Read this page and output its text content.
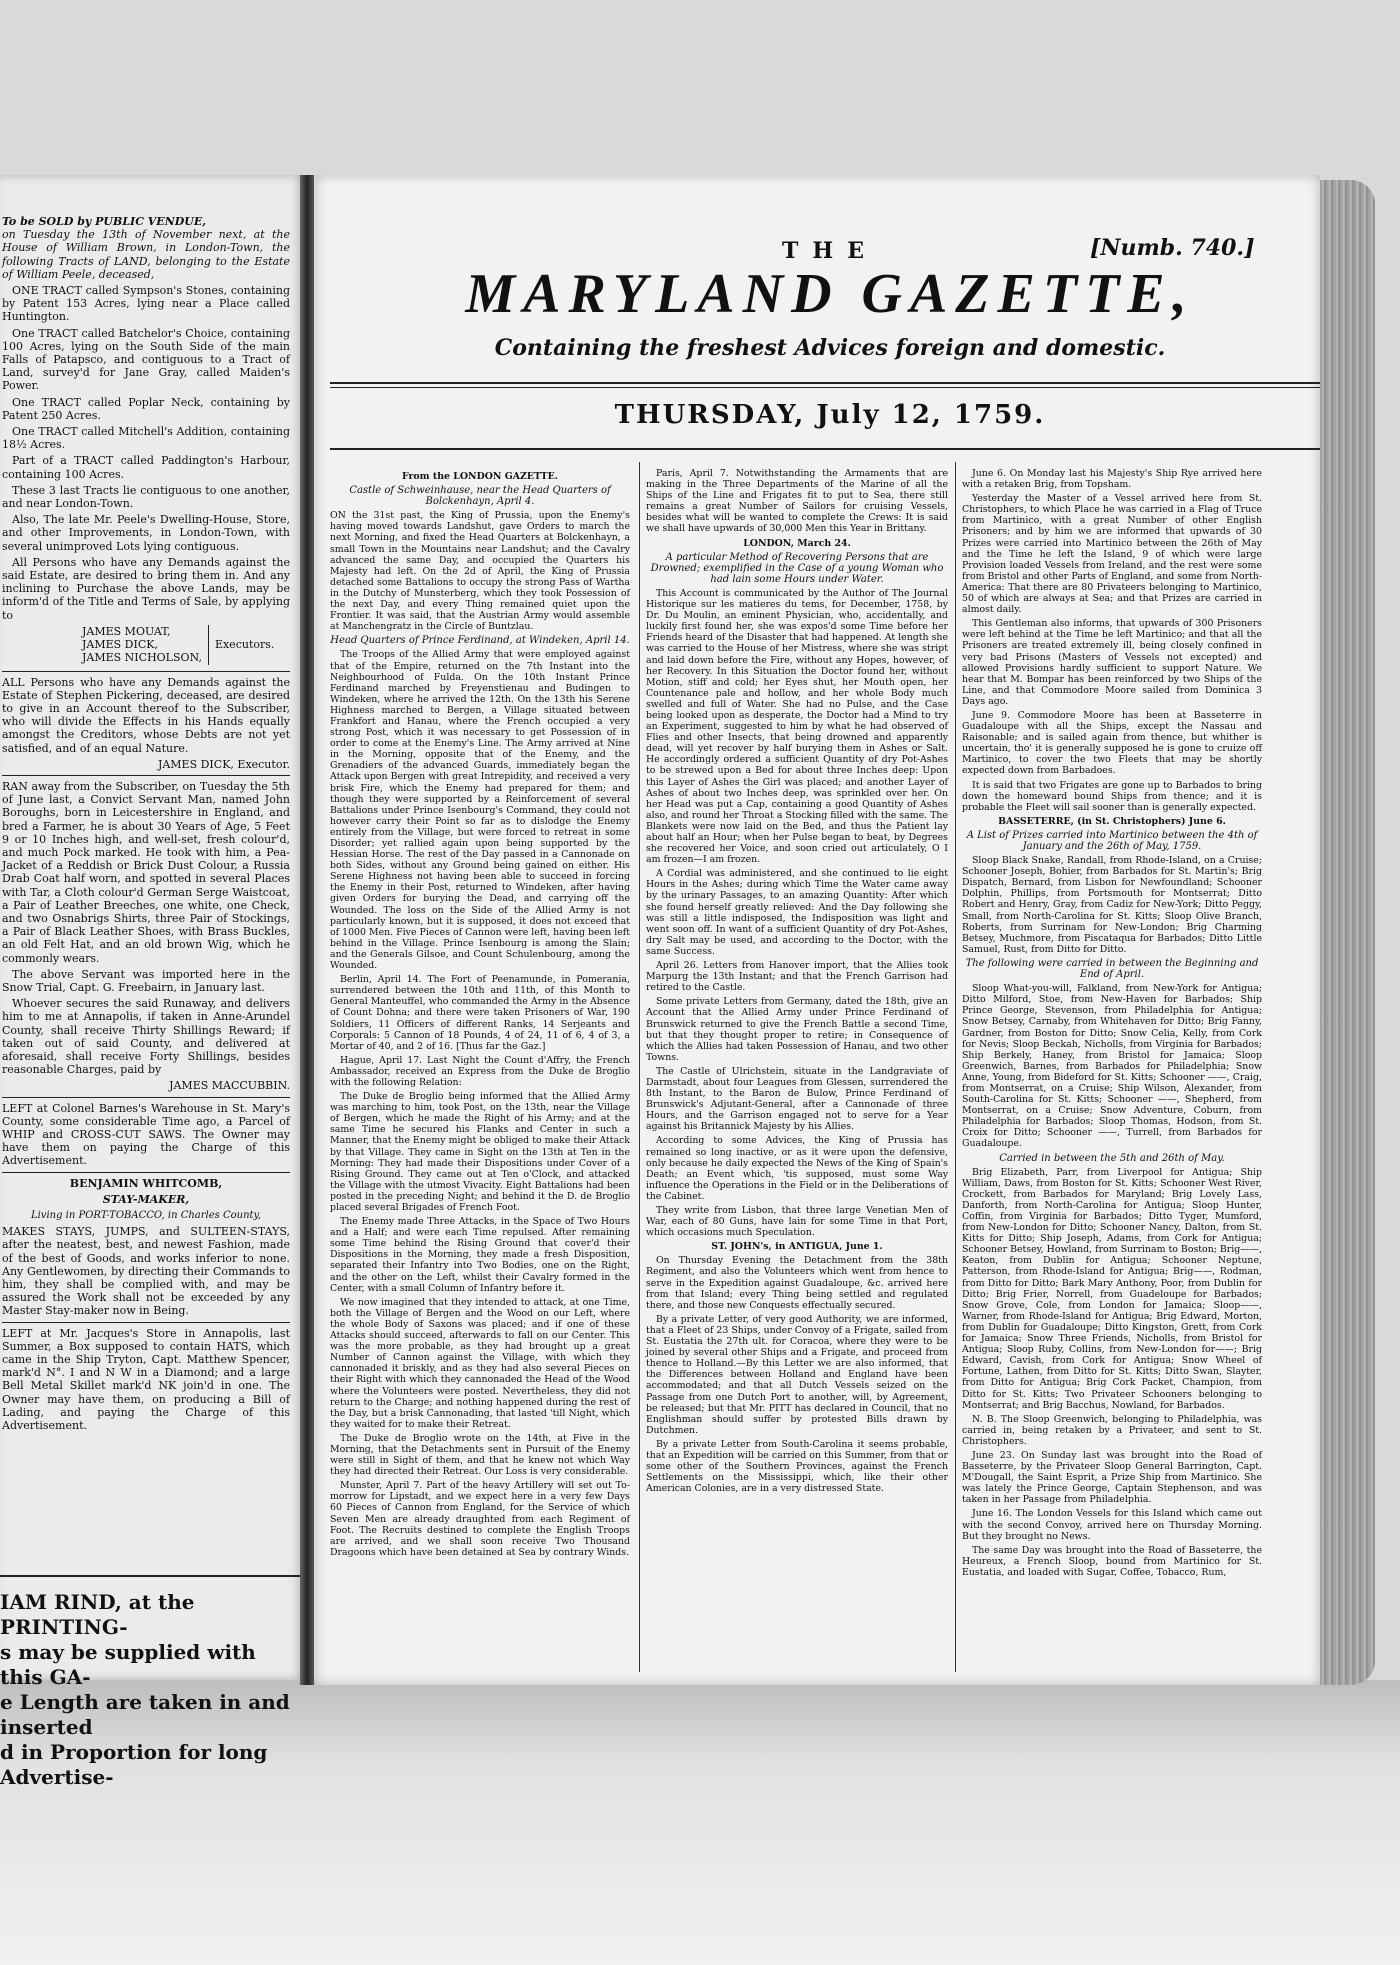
To be SOLD by PUBLIC VENDUE,

on Tuesday the 13th of November next, at the House of William Brown, in London-Town, the following Tracts of LAND, belonging to the Estate of William Peele, deceased,

ONE TRACT called Sympson's Stones, containing by Patent 153 Acres, lying near a Place called Huntington.

One TRACT called Batchelor's Choice, containing 100 Acres, lying on the South Side of the main Falls of Patapsco, and contiguous to a Tract of Land, survey'd for Jane Gray, called Maiden's Power.

One TRACT called Poplar Neck, containing by Patent 250 Acres.

One TRACT called Mitchell's Addition, containing 18½ Acres.

Part of a TRACT called Paddington's Harbour, containing 100 Acres.

These 3 last Tracts lie contiguous to one another, and near London-Town.

Also, The late Mr. Peele's Dwelling-House, Store, and other Improvements, in London-Town, with several unimproved Lots lying contiguous.

All Persons who have any Demands against the said Estate, are desired to bring them in. And any inclining to Purchase the above Lands, may be inform'd of the Title and Terms of Sale, by applying to

JAMES MOUAT,
JAMES DICK,
JAMES NICHOLSON,
Executors.

ALL Persons who have any Demands against the Estate of Stephen Pickering, deceased, are desired to give in an Account thereof to the Subscriber, who will divide the Effects in his Hands equally amongst the Creditors, whose Debts are not yet satisfied, and of an equal Nature.

JAMES DICK, Executor.

RAN away from the Subscriber, on Tuesday the 5th of June last, a Convict Servant Man, named John Boroughs, born in Leicestershire in England, and bred a Farmer, he is about 30 Years of Age, 5 Feet 9 or 10 Inches high, and well-set, fresh colour'd, and much Pock marked. He took with him, a Pea-Jacket of a Reddish or Brick Dust Colour, a Russia Drab Coat half worn, and spotted in several Places with Tar, a Cloth colour'd German Serge Waistcoat, a Pair of Leather Breeches, one white, one Check, and two Osnabrigs Shirts, three Pair of Stockings, a Pair of Black Leather Shoes, with Brass Buckles, an old Felt Hat, and an old brown Wig, which he commonly wears.

The above Servant was imported here in the Snow Trial, Capt. G. Freebairn, in January last.

Whoever secures the said Runaway, and delivers him to me at Annapolis, if taken in Anne-Arundel County, shall receive Thirty Shillings Reward; if taken out of said County, and delivered at aforesaid, shall receive Forty Shillings, besides reasonable Charges, paid by

JAMES MACCUBBIN.

LEFT at Colonel Barnes's Warehouse in St. Mary's County, some considerable Time ago, a Parcel of WHIP and CROSS-CUT SAWS. The Owner may have them on paying the Charge of this Advertisement.

BENJAMIN WHITCOMB,
STAY-MAKER,
Living in PORT-TOBACCO, in Charles County,

MAKES STAYS, JUMPS, and SULTEEN-STAYS, after the neatest, best, and newest Fashion, made of the best of Goods, and works inferior to none. Any Gentlewomen, by directing their Commands to him, they shall be complied with, and may be assured the Work shall not be exceeded by any Master Stay-maker now in Being.

LEFT at Mr. Jacques's Store in Annapolis, last Summer, a Box supposed to contain HATS, which came in the Ship Tryton, Capt. Matthew Spencer, mark'd N°. I and N W in a Diamond; and a large Bell Metal Skillet mark'd NK join'd in one. The Owner may have them, on producing a Bill of Lading, and paying the Charge of this Advertisement.

IAM RIND, at the PRINTING-
s may be supplied with this GA-
e Length are taken in and inserted
d in Proportion for long Advertise-
THE	[Numb. 740.]
MARYLAND GAZETTE,
Containing the freshest Advices foreign and domestic.
THURSDAY, July 12, 1759.
From the LONDON GAZETTE.
Castle of Schweinhause, near the Head Quarters of Bolckenhayn, April 4.

ON the 31st past, the King of Prussia, upon the Enemy's having moved towards Landshut, gave Orders to march the next Morning, and fixed the Head Quarters at Bolckenhayn, a small Town in the Mountains near Landshut; and the Cavalry advanced the same Day, and occupied the Quarters his Majesty had left. On the 2d of April, the King of Prussia detached some Battalions to occupy the strong Pass of Wartha in the Dutchy of Munsterberg, which they took Possession of the next Day, and every Thing remained quiet upon the Frontier. It was said, that the Austrian Army would assemble at Manchengratz in the Circle of Buntzlau.

Head Quarters of Prince Ferdinand, at Windeken, April 14.

The Troops of the Allied Army that were employed against that of the Empire, returned on the 7th Instant into the Neighbourhood of Fulda. On the 10th Instant Prince Ferdinand marched by Freyenstienau and Budingen to Windeken, where he arrived the 12th. On the 13th his Serene Highness marched to Bergen, a Village situated between Frankfort and Hanau, where the French occupied a very strong Post, which it was necessary to get Possession of in order to come at the Enemy's Line. The Army arrived at Nine in the Morning, opposite that of the Enemy, and the Grenadiers of the advanced Guards, immediately began the Attack upon Bergen with great Intrepidity, and received a very brisk Fire, which the Enemy had prepared for them; and though they were supported by a Reinforcement of several Battalions under Prince Isenbourg's Command, they could not however carry their Point so far as to dislodge the Enemy entirely from the Village, but were forced to retreat in some Disorder; yet rallied again upon being supported by the Hessian Horse. The rest of the Day passed in a Cannonade on both Sides, without any Ground being gained on either. His Serene Highness not having been able to succeed in forcing the Enemy in their Post, returned to Windeken, after having given Orders for burying the Dead, and carrying off the Wounded. The loss on the Side of the Allied Army is not particularly known, but it is supposed, it does not exceed that of 1000 Men. Five Pieces of Cannon were left, having been left behind in the Village. Prince Isenbourg is among the Slain; and the Generals Gilsoe, and Count Schulenbourg, among the Wounded.

Berlin, April 14. The Fort of Peenamunde, in Pomerania, surrendered between the 10th and 11th, of this Month to General Manteuffel, who commanded the Army in the Absence of Count Dohna; and there were taken Prisoners of War, 190 Soldiers, 11 Officers of different Ranks, 14 Serjeants and Corporals: 5 Cannon of 18 Pounds, 4 of 24, 11 of 6, 4 of 3, a Mortar of 40, and 2 of 16. [Thus far the Gaz.]

Hague, April 17. Last Night the Count d'Affry, the French Ambassador, received an Express from the Duke de Broglio with the following Relation:

The Duke de Broglio being informed that the Allied Army was marching to him, took Post, on the 13th, near the Village of Bergen, which he made the Right of his Army; and at the same Time he secured his Flanks and Center in such a Manner, that the Enemy might be obliged to make their Attack by that Village. They came in Sight on the 13th at Ten in the Morning: They had made their Dispositions under Cover of a Rising Ground. They came out at Ten o'Clock, and attacked the Village with the utmost Vivacity. Eight Battalions had been posted in the preceding Night; and behind it the D. de Broglio placed several Brigades of French Foot.

The Enemy made Three Attacks, in the Space of Two Hours and a Half; and were each Time repulsed. After remaining some Time behind the Rising Ground that cover'd their Dispositions in the Morning, they made a fresh Disposition, separated their Infantry into Two Bodies, one on the Right, and the other on the Left, whilst their Cavalry formed in the Center, with a small Column of Infantry before it.

We now imagined that they intended to attack, at one Time, both the Village of Bergen and the Wood on our Left, where the whole Body of Saxons was placed; and if one of these Attacks should succeed, afterwards to fall on our Center. This was the more probable, as they had brought up a great Number of Cannon against the Village, with which they cannonaded it briskly, and as they had also several Pieces on their Right with which they cannonaded the Head of the Wood where the Volunteers were posted. Nevertheless, they did not return to the Charge; and nothing happened during the rest of the Day, but a brisk Cannonading, that lasted 'till Night, which they waited for to make their Retreat.

The Duke de Broglio wrote on the 14th, at Five in the Morning, that the Detachments sent in Pursuit of the Enemy were still in Sight of them, and that he knew not which Way they had directed their Retreat. Our Loss is very considerable.

Munster, April 7. Part of the heavy Artillery will set out To-morrow for Lipstadt, and we expect here in a very few Days 60 Pieces of Cannon from England, for the Service of which Seven Men are already draughted from each Regiment of Foot. The Recruits destined to complete the English Troops are arrived, and we shall soon receive Two Thousand Dragoons which have been detained at Sea by contrary Winds.

Paris, April 7. Notwithstanding the Armaments that are making in the Three Departments of the Marine of all the Ships of the Line and Frigates fit to put to Sea, there still remains a great Number of Sailors for cruising Vessels, besides what will be wanted to complete the Crews: It is said we shall have upwards of 30,000 Men this Year in Brittany.

LONDON, March 24.
A particular Method of Recovering Persons that are Drowned; exemplified in the Case of a young Woman who had lain some Hours under Water.

This Account is communicated by the Author of The Journal Historique sur les matieres du tems, for December, 1758, by Dr. Du Moulin, an eminent Physician, who, accidentally, and luckily first found her, she was expos'd some Time before her Friends heard of the Disaster that had happened. At length she was carried to the House of her Mistress, where she was stript and laid down before the Fire, without any Hopes, however, of her Recovery. In this Situation the Doctor found her, without Motion, stiff and cold; her Eyes shut, her Mouth open, her Countenance pale and hollow, and her whole Body much swelled and full of Water. She had no Pulse, and the Case being looked upon as desperate, the Doctor had a Mind to try an Experiment, suggested to him by what he had observed of Flies and other Insects, that being drowned and apparently dead, will yet recover by half burying them in Ashes or Salt. He accordingly ordered a sufficient Quantity of dry Pot-Ashes to be strewed upon a Bed for about three Inches deep: Upon this Layer of Ashes the Girl was placed; and another Layer of Ashes of about two Inches deep, was sprinkled over her. On her Head was put a Cap, containing a good Quantity of Ashes also, and round her Throat a Stocking filled with the same. The Blankets were now laid on the Bed, and thus the Patient lay about half an Hour; when her Pulse began to beat, by Degrees she recovered her Voice, and soon cried out articulately, O I am frozen—I am frozen.

A Cordial was administered, and she continued to lie eight Hours in the Ashes; during which Time the Water came away by the urinary Passages, to an amazing Quantity: After which she found herself greatly relieved: And the Day following she was still a little indisposed, the Indisposition was light and went soon off. In want of a sufficient Quantity of dry Pot-Ashes, dry Salt may be used, and according to the Doctor, with the same Success.

April 26. Letters from Hanover import, that the Allies took Marpurg the 13th Instant; and that the French Garrison had retired to the Castle.

Some private Letters from Germany, dated the 18th, give an Account that the Allied Army under Prince Ferdinand of Brunswick returned to give the French Battle a second Time, but that they thought proper to retire; in Consequence of which the Allies had taken Possession of Hanau, and two other Towns.

The Castle of Ulrichstein, situate in the Landgraviate of Darmstadt, about four Leagues from Glessen, surrendered the 8th Instant, to the Baron de Bulow, Prince Ferdinand of Brunswick's Adjutant-General, after a Cannonade of three Hours, and the Garrison engaged not to serve for a Year against his Britannick Majesty by his Allies.

According to some Advices, the King of Prussia has remained so long inactive, or as it were upon the defensive, only because he daily expected the News of the King of Spain's Death; an Event which, 'tis supposed, must some Way influence the Operations in the Field or in the Deliberations of the Cabinet.

They write from Lisbon, that three large Venetian Men of War, each of 80 Guns, have lain for some Time in that Port, which occasions much Speculation.

ST. JOHN's, in ANTIGUA, June 1.

On Thursday Evening the Detachment from the 38th Regiment, and also the Volunteers which went from hence to serve in the Expedition against Guadaloupe, &c. arrived here from that Island; every Thing being settled and regulated there, and those new Conquests effectually secured.

By a private Letter, of very good Authority, we are informed, that a Fleet of 23 Ships, under Convoy of a Frigate, sailed from St. Eustatia the 27th ult. for Coracoa, where they were to be joined by several other Ships and a Frigate, and proceed from thence to Holland.—By this Letter we are also informed, that the Differences between Holland and England have been accommodated; and that all Dutch Vessels seized on the Passage from one Dutch Port to another, will, by Agreement, be released; but that Mr. PITT has declared in Council, that no Englishman should suffer by protested Bills drawn by Dutchmen.

By a private Letter from South-Carolina it seems probable, that an Expedition will be carried on this Summer, from that or some other of the Southern Provinces, against the French Settlements on the Mississippi, which, like their other American Colonies, are in a very distressed State.

June 6. On Monday last his Majesty's Ship Rye arrived here with a retaken Brig, from Topsham.

Yesterday the Master of a Vessel arrived here from St. Christophers, to which Place he was carried in a Flag of Truce from Martinico, with a great Number of other English Prisoners; and by him we are informed that upwards of 30 Prizes were carried into Martinico between the 26th of May and the Time he left the Island, 9 of which were large Provision loaded Vessels from Ireland, and the rest were some from Bristol and other Parts of England, and some from North-America: That there are 80 Privateers belonging to Martinico, 50 of which are always at Sea; and that Prizes are carried in almost daily.

This Gentleman also informs, that upwards of 300 Prisoners were left behind at the Time he left Martinico; and that all the Prisoners are treated extremely ill, being closely confined in very bad Prisons (Masters of Vessels not excepted) and allowed Provisions hardly sufficient to support Nature. We hear that M. Bompar has been reinforced by two Ships of the Line, and that Commodore Moore sailed from Dominica 3 Days ago.

June 9. Commodore Moore has been at Basseterre in Guadaloupe with all the Ships, except the Nassau and Raisonable; and is sailed again from thence, but whither is uncertain, tho' it is generally supposed he is gone to cruize off Martinico, to cover the two Fleets that may be shortly expected down from Barbadoes.

It is said that two Frigates are gone up to Barbados to bring down the homeward bound Ships from thence; and it is probable the Fleet will sail sooner than is generally expected.

BASSETERRE, (in St. Christophers) June 6.
A List of Prizes carried into Martinico between the 4th of January and the 26th of May, 1759.

Sloop Black Snake, Randall, from Rhode-Island, on a Cruise; Schooner Joseph, Bohier, from Barbados for St. Martin's; Brig Dispatch, Bernard, from Lisbon for Newfoundland; Schooner Dolphin, Phillips, from Portsmouth for Montserrat; Ditto Robert and Henry, Gray, from Cadiz for New-York; Ditto Peggy, Small, from North-Carolina for St. Kitts; Sloop Olive Branch, Roberts, from Surrinam for New-London; Brig Charming Betsey, Muchmore, from Piscataqua for Barbados; Ditto Little Samuel, Rust, from Ditto for Ditto.

The following were carried in between the Beginning and End of April.

Sloop What-you-will, Falkland, from New-York for Antigua; Ditto Milford, Stoe, from New-Haven for Barbados; Ship Prince George, Stevenson, from Philadelphia for Antigua; Snow Betsey, Carnaby, from Whitehaven for Ditto; Brig Fanny, Gardner, from Boston for Ditto; Snow Celia, Kelly, from Cork for Nevis; Sloop Beckah, Nicholls, from Virginia for Barbados; Ship Berkely, Haney, from Bristol for Jamaica; Sloop Greenwich, Barnes, from Barbados for Philadelphia; Snow Anne, Young, from Bideford for St. Kitts; Schooner ——, Craig, from Montserrat, on a Cruise; Ship Wilson, Alexander, from South-Carolina for St. Kitts; Schooner ——, Shepherd, from Montserrat, on a Cruise; Snow Adventure, Coburn, from Philadelphia for Barbados; Sloop Thomas, Hodson, from St. Croix for Ditto; Schooner ——, Turrell, from Barbados for Guadaloupe.

Carried in between the 5th and 26th of May.

Brig Elizabeth, Parr, from Liverpool for Antigua; Ship William, Daws, from Boston for St. Kitts; Schooner West River, Crockett, from Barbados for Maryland; Brig Lovely Lass, Danforth, from North-Carolina for Antigua; Sloop Hunter, Coffin, from Virginia for Barbados; Ditto Tyger, Mumford, from New-London for Ditto; Schooner Nancy, Dalton, from St. Kitts for Ditto; Ship Joseph, Adams, from Cork for Antigua; Schooner Betsey, Howland, from Surrinam to Boston; Brig——, Keaton, from Dublin for Antigua; Schooner Neptune, Patterson, from Rhode-Island for Antigua; Brig——, Rodman, from Ditto for Ditto; Bark Mary Anthony, Poor, from Dublin for Ditto; Brig Frier, Norrell, from Guadeloupe for Barbados; Snow Grove, Cole, from London for Jamaica; Sloop——, Warner, from Rhode-Island for Antigua; Brig Edward, Morton, from Dublin for Guadaloupe; Ditto Kingston, Grett, from Cork for Jamaica; Snow Three Friends, Nicholls, from Bristol for Antigua; Sloop Ruby, Collins, from New-London for——; Brig Edward, Cavish, from Cork for Antigua; Snow Wheel of Fortune, Lathen, from Ditto for St. Kitts; Ditto Swan, Slayter, from Ditto for Antigua; Brig Cork Packet, Champion, from Ditto for St. Kitts; Two Privateer Schooners belonging to Montserrat; and Brig Bacchus, Nowland, for Barbados.

N. B. The Sloop Greenwich, belonging to Philadelphia, was carried in, being retaken by a Privateer, and sent to St. Christophers.

June 23. On Sunday last was brought into the Road of Basseterre, by the Privateer Sloop General Barrington, Capt. M'Dougall, the Saint Esprit, a Prize Ship from Martinico. She was lately the Prince George, Captain Stephenson, and was taken in her Passage from Philadelphia.

June 16. The London Vessels for this Island which came out with the second Convoy, arrived here on Thursday Morning. But they brought no News.

The same Day was brought into the Road of Basseterre, the Heureux, a French Sloop, bound from Martinico for St. Eustatia, and loaded with Sugar, Coffee, Tobacco, Rum,
